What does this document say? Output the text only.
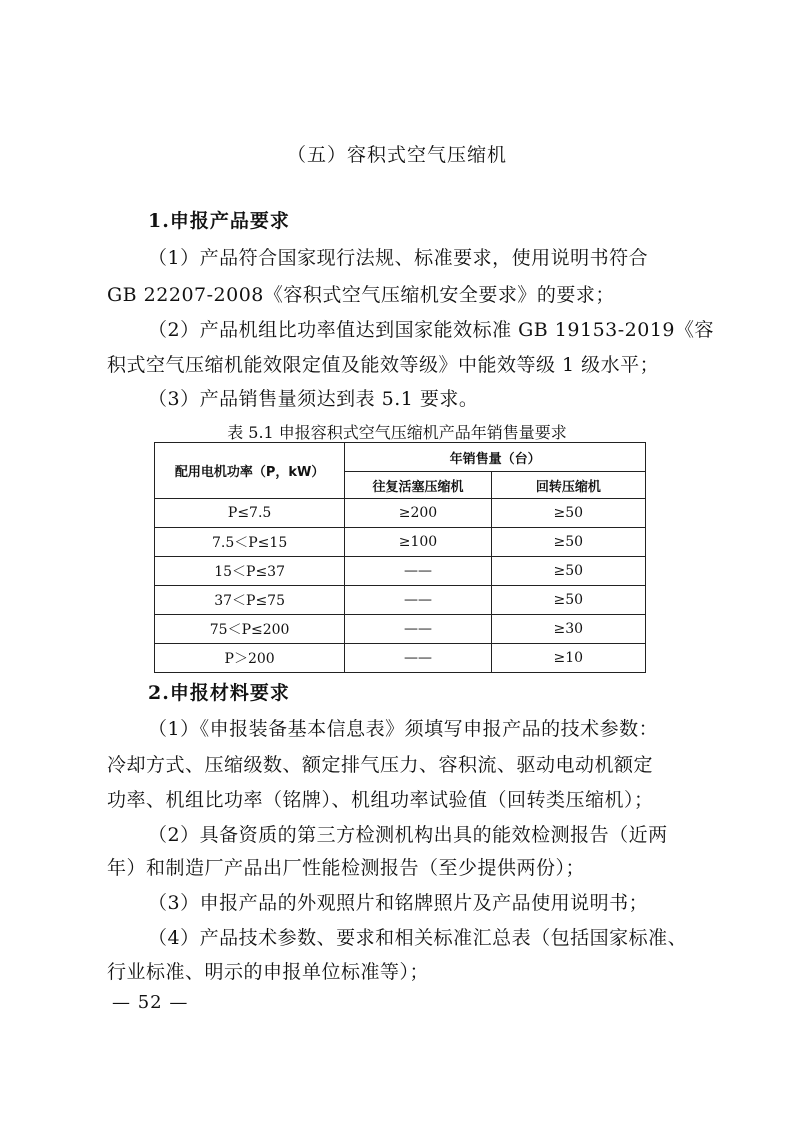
（五）容积式空气压缩机
1.申报产品要求
（1）产品符合国家现行法规、标准要求，使用说明书符合
GB 22207-2008《容积式空气压缩机安全要求》的要求；
（2）产品机组比功率值达到国家能效标准 GB 19153-2019《容
积式空气压缩机能效限定值及能效等级》中能效等级 1 级水平；
（3）产品销售量须达到表 5.1 要求。
表 5.1 申报容积式空气压缩机产品年销售量要求
配用电机功率（P，kW）	年销售量（台）	
	往复活塞压缩机	回转压缩机
P≤7.5	≥200	≥50
7.5＜P≤15	≥100	≥50
15＜P≤37	——	≥50
37＜P≤75	——	≥50
75＜P≤200	——	≥30
P＞200	——	≥10
2.申报材料要求
（1）《申报装备基本信息表》须填写申报产品的技术参数：
冷却方式、压缩级数、额定排气压力、容积流、驱动电动机额定
功率、机组比功率（铭牌）、机组功率试验值（回转类压缩机）；
（2）具备资质的第三方检测机构出具的能效检测报告（近两
年）和制造厂产品出厂性能检测报告（至少提供两份）；
（3）申报产品的外观照片和铭牌照片及产品使用说明书；
（4）产品技术参数、要求和相关标准汇总表（包括国家标准、
行业标准、明示的申报单位标准等）；
— 52 —
